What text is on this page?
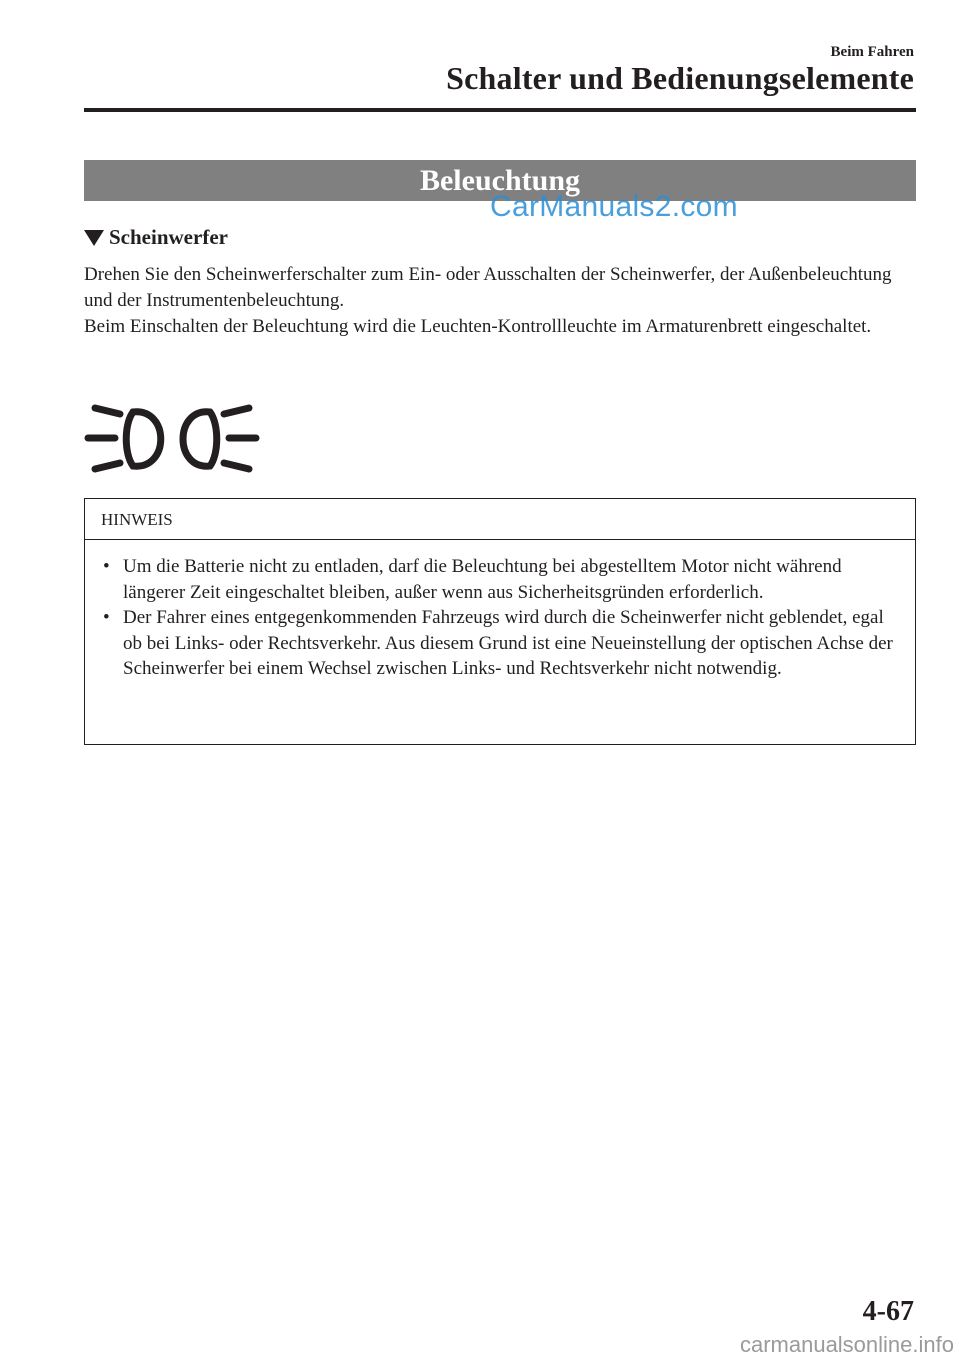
Beim Fahren
Schalter und Bedienungselemente
Beleuchtung
CarManuals2.com
Scheinwerfer

Drehen Sie den Scheinwerferschalter zum Ein- oder Ausschalten der Scheinwerfer, der Außenbeleuchtung und der Instrumentenbeleuchtung.

Beim Einschalten der Beleuchtung wird die Leuchten-Kontrollleuchte im Armaturenbrett eingeschaltet.

HINWEIS
• Um die Batterie nicht zu entladen, darf die Beleuchtung bei abgestelltem Motor nicht während längerer Zeit eingeschaltet bleiben, außer wenn aus Sicherheitsgründen erforderlich.
• Der Fahrer eines entgegenkommenden Fahrzeugs wird durch die Scheinwerfer nicht geblendet, egal ob bei Links- oder Rechtsverkehr. Aus diesem Grund ist eine Neueinstellung der optischen Achse der Scheinwerfer bei einem Wechsel zwischen Links- und Rechtsverkehr nicht notwendig.
4-67
carmanualsonline.info
